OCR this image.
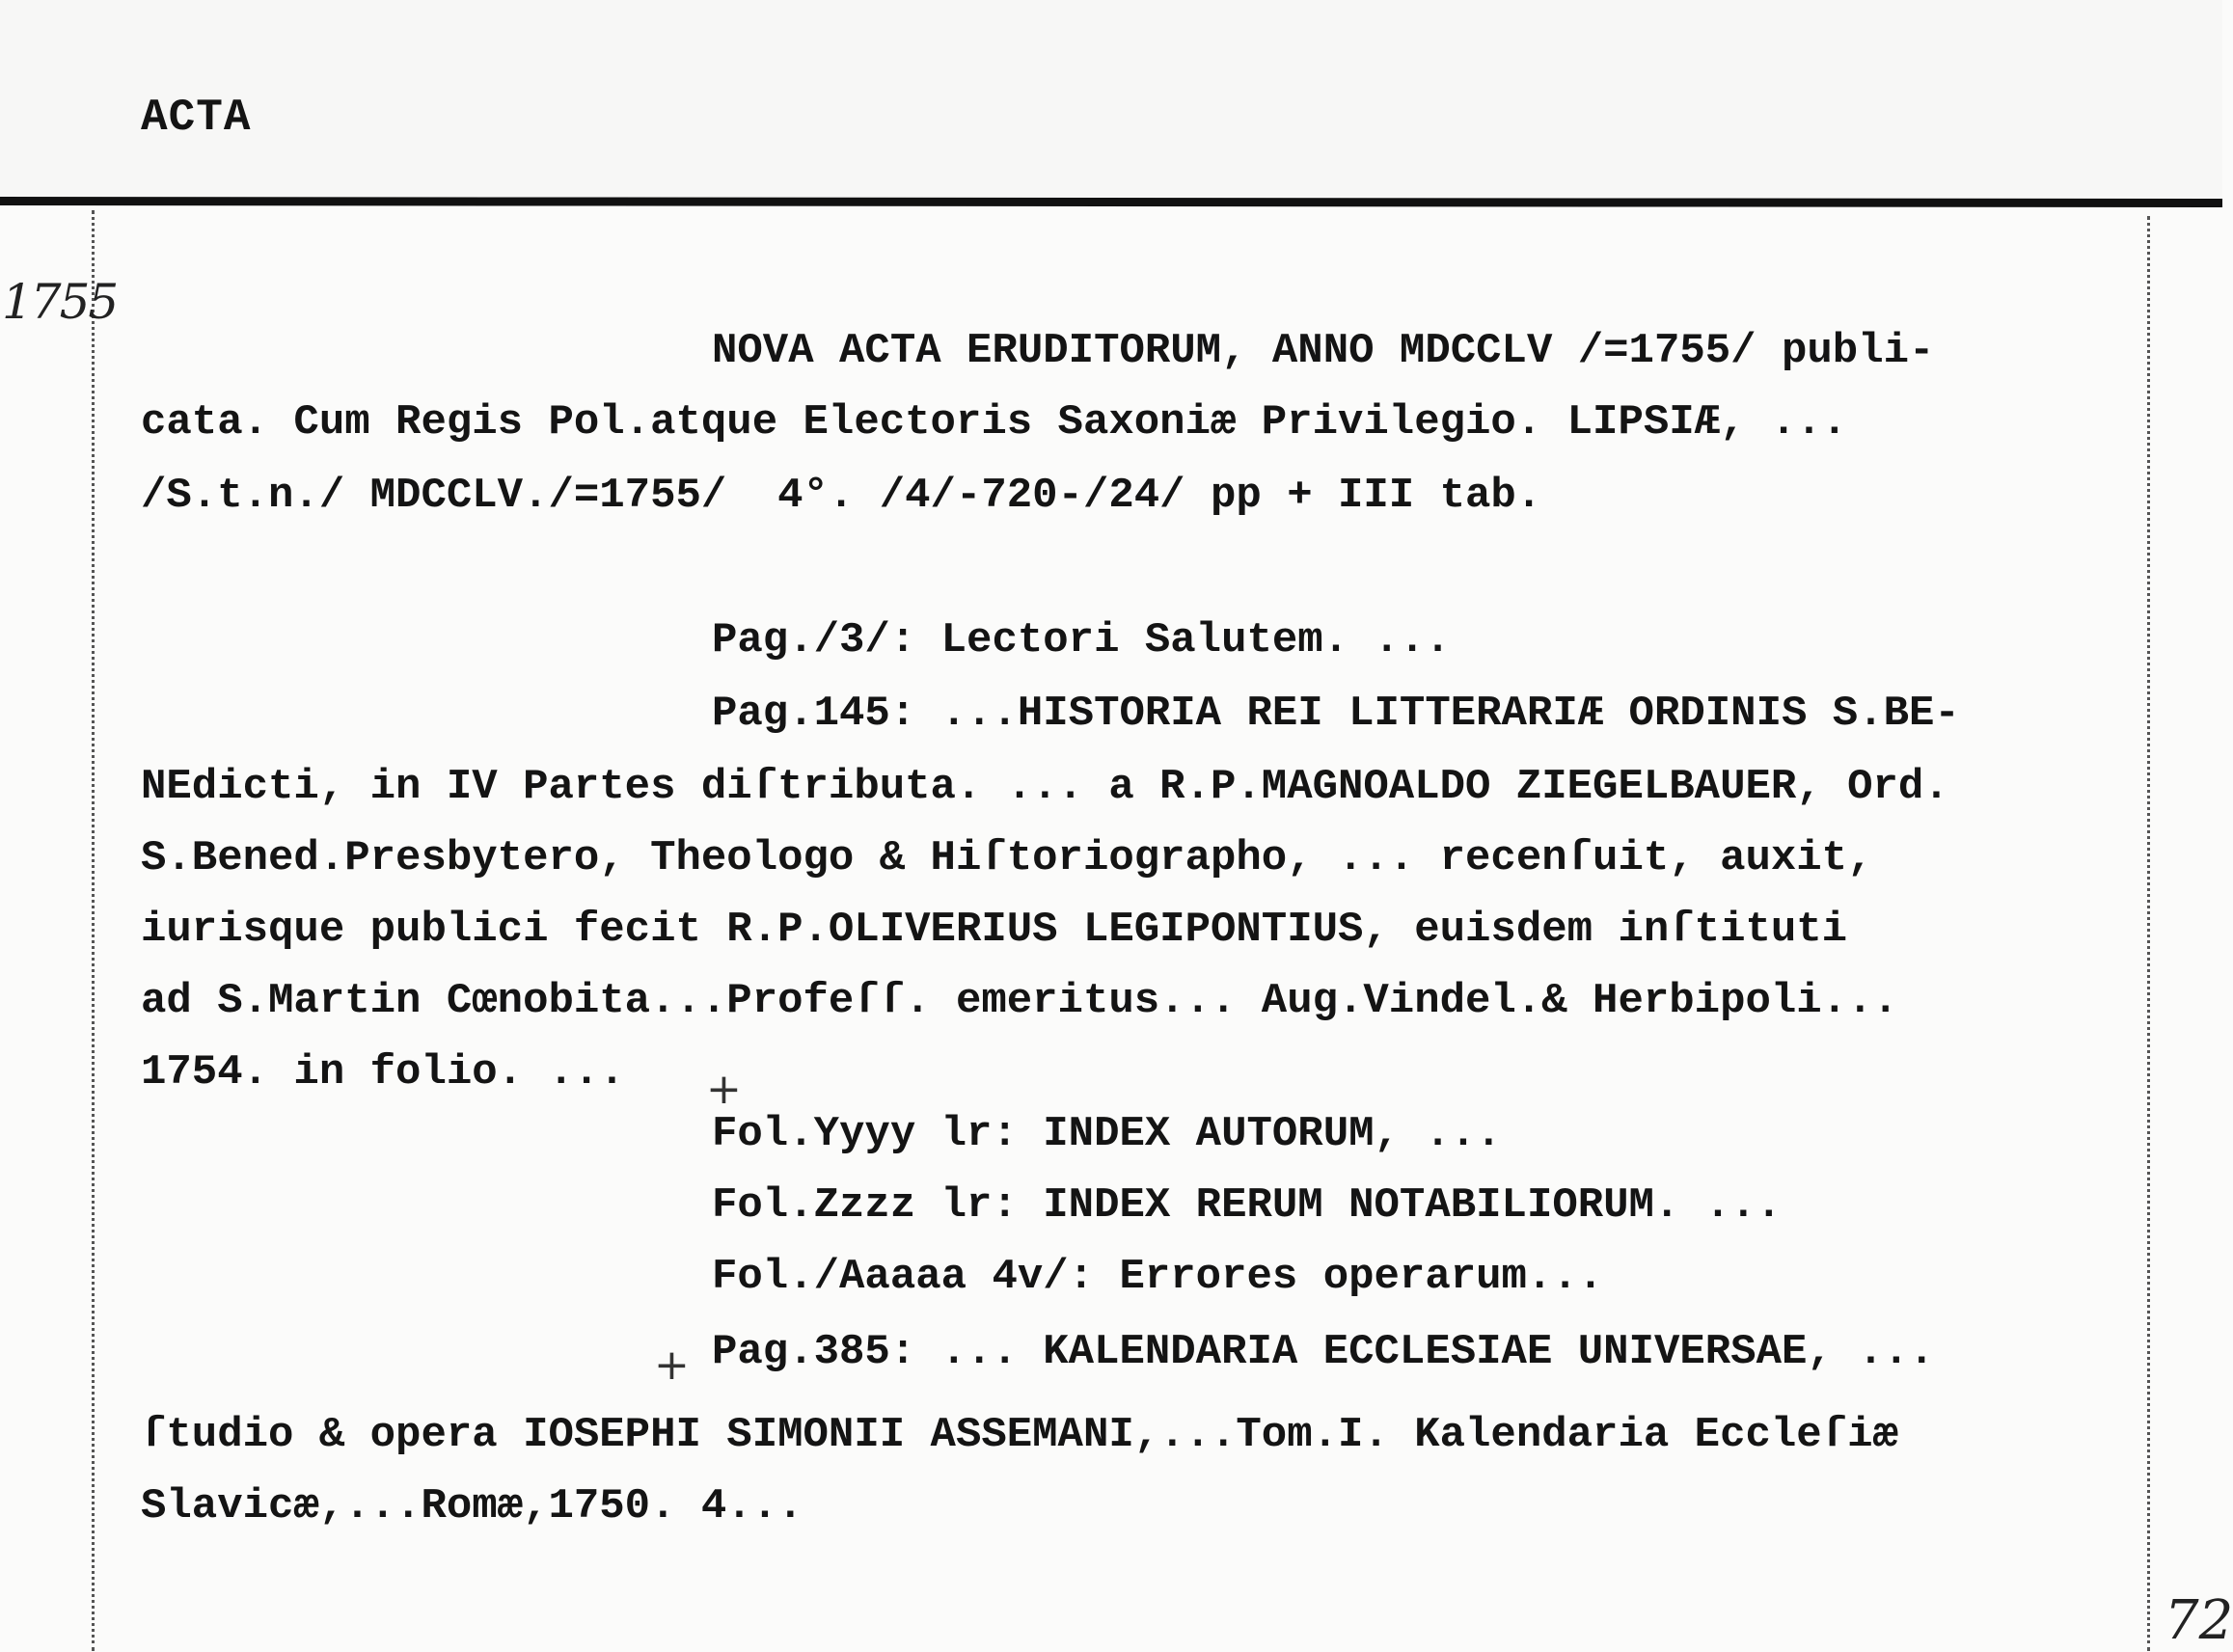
ACTA
1755
72
NOVA ACTA ERUDITORUM, ANNO MDCCLV /=1755/ publi-
cata. Cum Regis Pol.atque Electoris Saxoniæ Privilegio. LIPSIÆ, ...
/S.t.n./ MDCCLV./=1755/  4°. /4/-720-/24/ pp + III tab.
Pag./3/: Lectori Salutem. ...
Pag.145: ...HISTORIA REI LITTERARIÆ ORDINIS S.BE-
NEdicti, in IV Partes diſtributa. ... a R.P.MAGNOALDO ZIEGELBAUER, Ord.
S.Bened.Presbytero, Theologo & Hiſtoriographo, ... recenſuit, auxit,
iurisque publici fecit R.P.OLIVERIUS LEGIPONTIUS, euisdem inſtituti
ad S.Martin Cœnobita...Profeſſ. emeritus... Aug.Vindel.& Herbipoli...
1754. in folio. ...
Fol.Yyyy lr: INDEX AUTORUM, ...
Fol.Zzzz lr: INDEX RERUM NOTABILIORUM. ...
Fol./Aaaaa 4v/: Errores operarum...
Pag.385: ... KALENDARIA ECCLESIAE UNIVERSAE, ...
ſtudio & opera IOSEPHI SIMONII ASSEMANI,...Tom.I. Kalendaria Eccleſiæ
Slavicæ,...Romæ,1750. 4...
+
+
